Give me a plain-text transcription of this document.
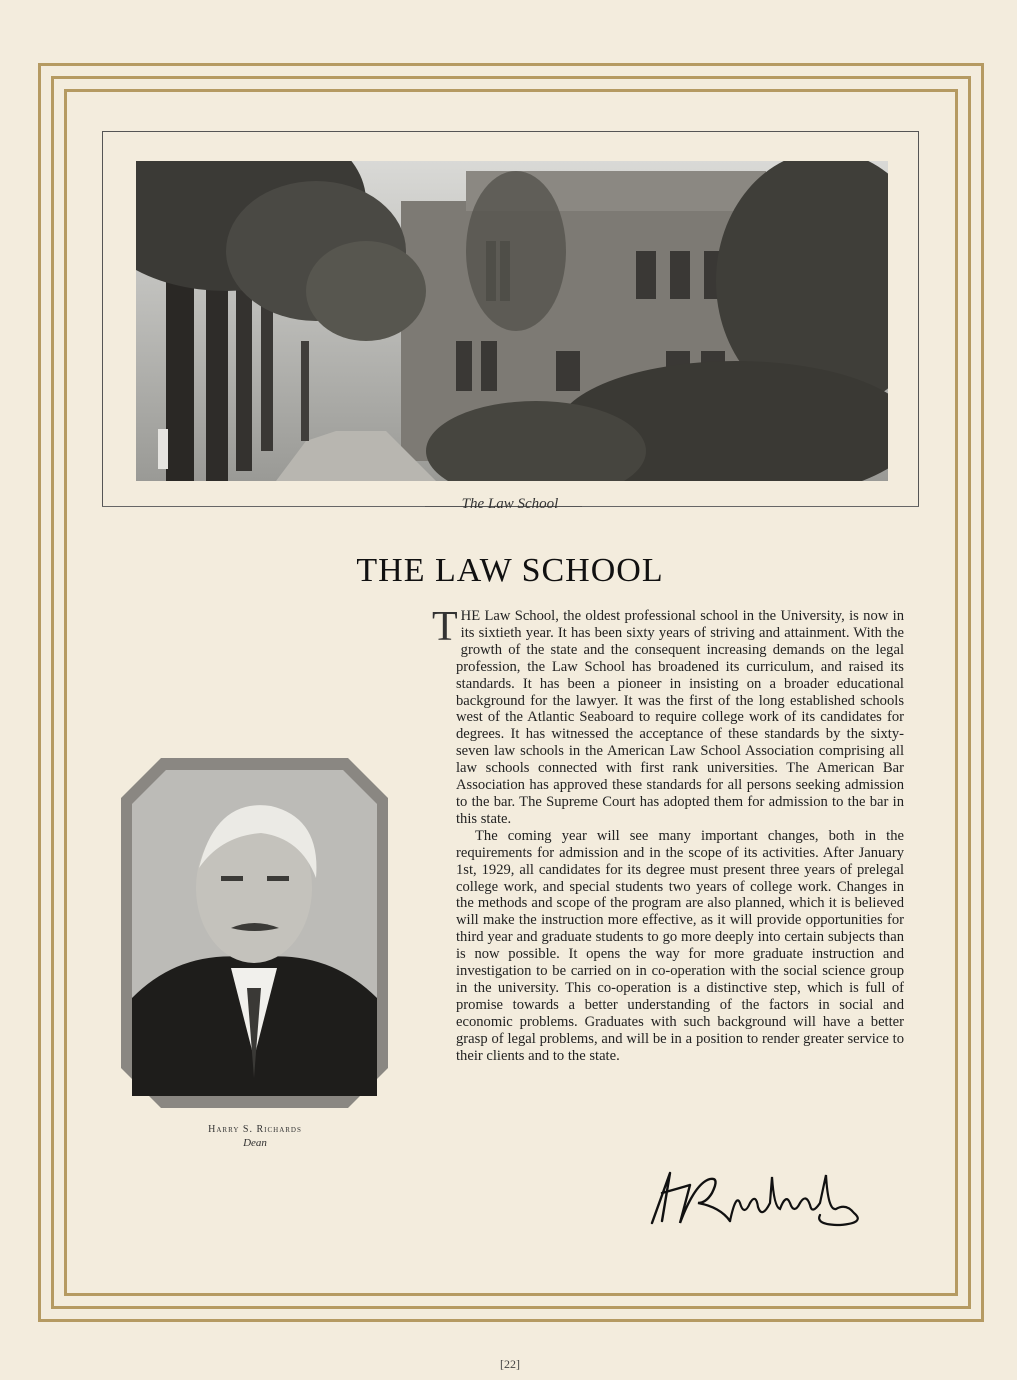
The Law School
THE LAW SCHOOL
Harry S. Richards
Dean

THE Law School, the oldest professional school in the University, is now in its sixtieth year. It has been sixty years of striving and attainment. With the growth of the state and the consequent increasing demands on the legal profession, the Law School has broadened its curriculum, and raised its standards. It has been a pioneer in insisting on a broader educational background for the lawyer. It was the first of the long established schools west of the Atlantic Seaboard to require college work of its candidates for degrees. It has witnessed the acceptance of these standards by the sixty-seven law schools in the American Law School Association comprising all law schools connected with first rank universities. The American Bar Association has approved these standards for all persons seeking admission to the bar. The Supreme Court has adopted them for admission to the bar in this state.

The coming year will see many important changes, both in the requirements for admission and in the scope of its activities. After January 1st, 1929, all candidates for its degree must present three years of prelegal college work, and special students two years of college work. Changes in the methods and scope of the program are also planned, which it is believed will make the instruction more effective, as it will provide opportunities for third year and graduate students to go more deeply into certain subjects than is now possible. It opens the way for more graduate instruction and investigation to be carried on in co-operation with the social science group in the university. This co-operation is a distinctive step, which is full of promise towards a better understanding of the factors in social and economic problems. Graduates with such background will have a better grasp of legal problems, and will be in a position to render greater service to their clients and to the state.

[22]
